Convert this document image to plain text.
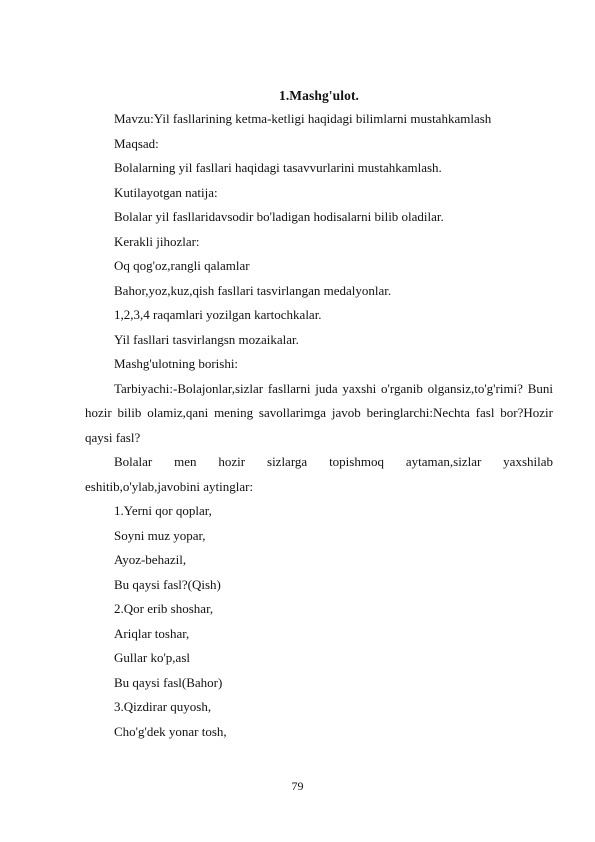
1.Mashg'ulot.

Mavzu:Yil fasllarining ketma-ketligi haqidagi bilimlarni mustahkamlash

Maqsad:

Bolalarning yil fasllari haqidagi tasavvurlarini mustahkamlash.

Kutilayotgan natija:

Bolalar yil fasllaridavsodir bo'ladigan hodisalarni bilib oladilar.

Kerakli jihozlar:

Oq qog'oz,rangli qalamlar

Bahor,yoz,kuz,qish fasllari tasvirlangan medalyonlar.

1,2,3,4 raqamlari yozilgan kartochkalar.

Yil fasllari tasvirlangsn mozaikalar.

Mashg'ulotning borishi:

Tarbiyachi:-Bolajonlar,sizlar fasllarni juda yaxshi o'rganib olgansiz,to'g'rimi? Buni hozir bilib olamiz,qani mening savollarimga javob beringlarchi:Nechta fasl bor?Hozir qaysi fasl?

Bolalar men hozir sizlarga topishmoq aytaman,sizlar yaxshilab eshitib,o'ylab,javobini aytinglar:

1.Yerni qor qoplar,

Soyni muz yopar,

Ayoz-behazil,

Bu qaysi fasl?(Qish)

2.Qor erib shoshar,

Ariqlar toshar,

Gullar ko'p,asl

Bu qaysi fasl(Bahor)

3.Qizdirar quyosh,

Cho'g'dek yonar tosh,

79
